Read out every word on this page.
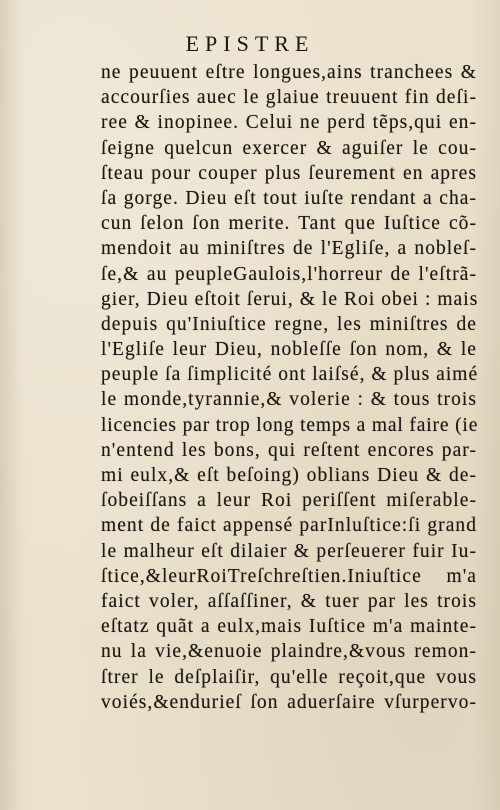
EPISTRE
ne peuuent eſtre longues,ains tranchees &
accourſies auec le glaiue treuuent fin deſi-
ree & inopinee. Celui ne perd tẽps,qui en-
ſeigne quelcun exercer & aguiſer le cou-
ſteau pour couper plus ſeurement en apres
ſa gorge. Dieu eſt tout iuſte rendant a cha-
cun ſelon ſon merite. Tant que Iuſtice cõ-
mendoit au miniſtres de l'Egliſe, a nobleſ-
ſe,& au peupleGaulois,l'horreur de l'eſtrã-
gier, Dieu eſtoit ſerui, & le Roi obei : mais
depuis qu'Iniuſtice regne, les miniſtres de
l'Egliſe leur Dieu, nobleſſe ſon nom, & le
peuple ſa ſimplicité ont laiſsé, & plus aimé
le monde,tyrannie,& volerie : & tous trois
licencies par trop long temps a mal faire (ie
n'entend les bons, qui reſtent encores par-
mi eulx,& eſt beſoing) oblians Dieu & de-
ſobeiſſans a leur Roi periſſent miſerable-
ment de faict appensé parInluſtice:ſi grand
le malheur eſt dilaier & perſeuerer fuir Iu-
ſtice,&leurRoiTreſchreſtien.Iniuſtice m'a
faict voler, aſſaſſiner, & tuer par les trois
eſtatz quãt a eulx,mais Iuſtice m'a mainte-
nu la vie,&enuoie plaindre,&vous remon-
ſtrer le deſplaiſir, qu'elle reçoit,que vous
voiés,&endurieſ ſon aduerſaire vſurpervo-
